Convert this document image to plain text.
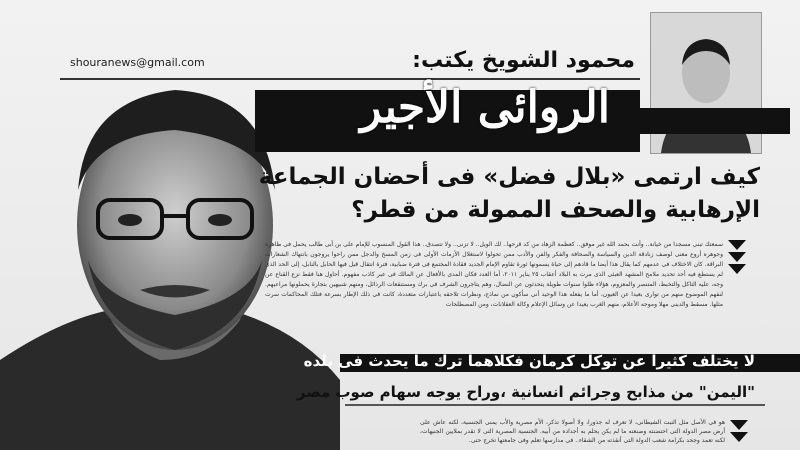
shouranews@gmail.com	محمود الشويخ يكتب:
الروائى الأجير
كيف ارتمى «بلال فضل» فى أحضان الجماعة
الإرهابية والصحف الممولة من قطر؟
سمعتك تبنى مسجدا من خيانة.. وأنت بحمد الله غير موفق.. كعظمة الزهاد من كد قرحها.. لك الويل.. لا تزنى.. ولا تتصدق.. هذا القول المنسوب للإمام على بن أبى طالب يحمل فى ظاهره وجوهره أروع معنى لوصف زنادقة الدين والسياسة والصحافة والفكر والفن والأدب ممن تحولوا لاستغلال الأزمات الأولى فى زمن المسخ والدجل ممن راحوا يروجون بانتهاك الشعارات البراقة. كان الاختلاف فى عدمهم كما يقال هذا أيضا ما قادهم إلى حياة يسمونها ثورة تقاوم الإمام الجديد فقادة المجتمع فى فترة ضبابية، فترة انتقال قيل فيها الحابل بالنابل، إلى الحد الذى لم يستطع فيه أحد تحديد ملامح المشهد العبثى الذى مرت به البلاد أعقاب ٢٥ يناير ٢٠١١، أما العدد فكان المدى بالأفعال عن المالك فى عبر كاذب مفهوم. أحاول هنا فقط نزع القناع عن وجه، عليه التاكل والتخبط، المتنصر والمعزوم، هؤلاء ظلوا سنوات طويلة يتحدثون عن النضال، وهم يتاجرون الشرف فى برك ومستنقعات الرذائل، ومنهم شبيهين بتجارة يحملونها مراعيهم. لنفهم الموضوع منهم من توارى بعيدا عن العيون، أما ما يفعله هذا الوحيد أنى سأكون من نماذج، ونظرات تلاحقه باعتبارات متعددة، كانت فى ذلك الإطار بسرعة فتلك المحاكمات سرت مثلها. مسقط والدينى مهلا وموجه الأعلام، منهم الغرب يعيدا عن وسائل الإعلام وكالة العقلانات، ومن المصطلحات
لا يختلف كثيرا عن توكل كرمان فكلاهما ترك ما يحدث فى بلده
"اليمن" من مذابح وجرائم انسانية ،وراح يوجه سهام صوب مصر
هو فى الأصل مثل النبت الشيطانى، لا تعرف له جذورا، ولا أصولا تذكر، الأم مصرية والأب يمنى الجنسية، لكنه عاش على أرض مصر الدولة التى احتضنته وصنعته ما لم يكن يحلم به أجداده من أبيه. الجنسية المصرية التى لا تقدر بملايين الجنيهات، لكنه تعمد وجحد بكرامة شعب الدولة التى أنقذته من الشقاء.. فى مدارسها تعلم وفى جامعتها تخرج حتى.
